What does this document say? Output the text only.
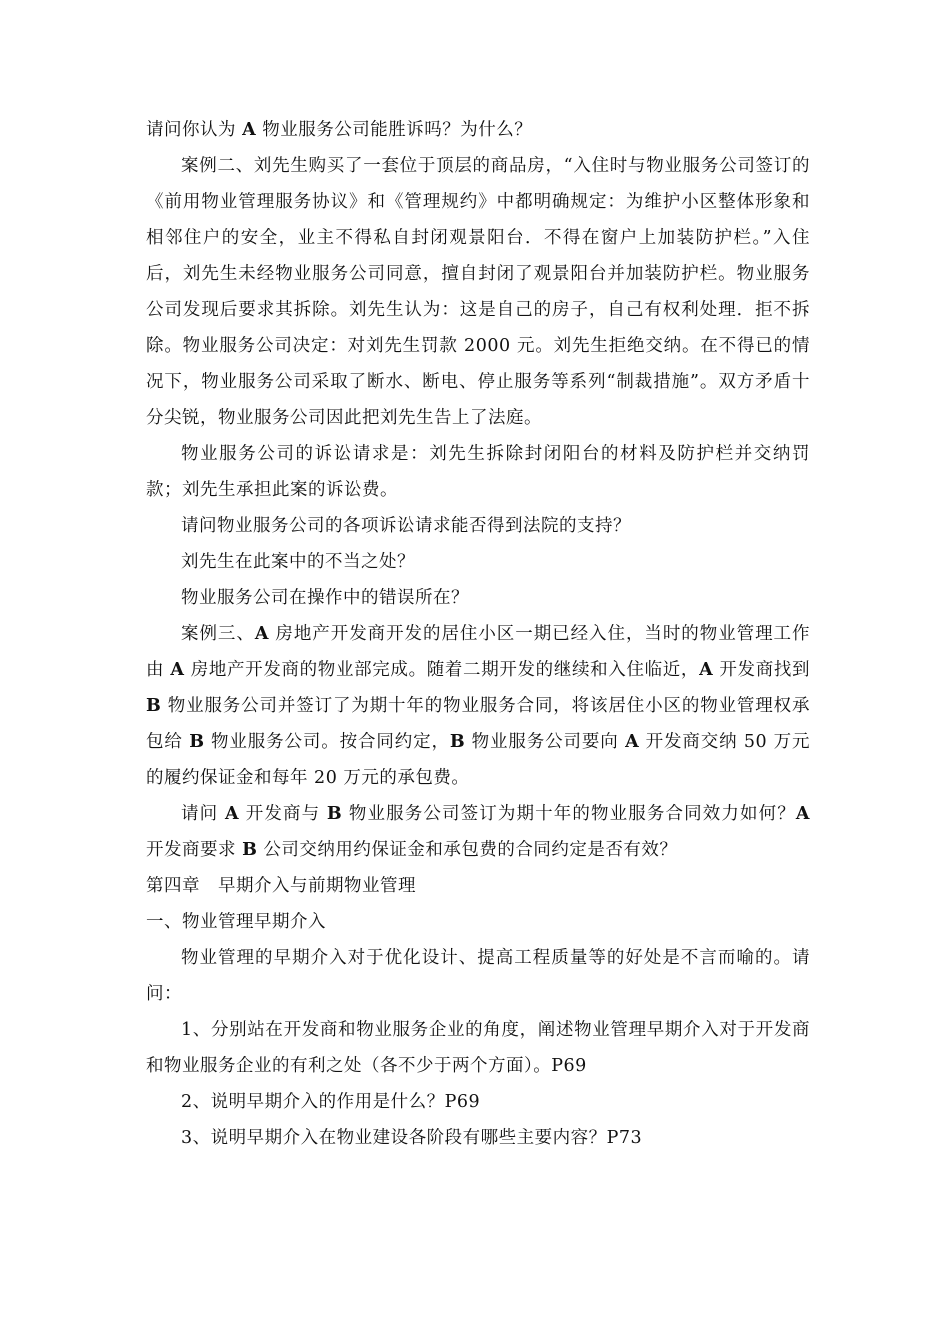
请问你认为 A 物业服务公司能胜诉吗？为什么？

案例二、刘先生购买了一套位于顶层的商品房，“入住时与物业服务公司签订的《前用物业管理服务协议》和《管理规约》中都明确规定：为维护小区整体形象和相邻住户的安全，业主不得私自封闭观景阳台．不得在窗户上加装防护栏。”入住后，刘先生未经物业服务公司同意，擅自封闭了观景阳台并加装防护栏。物业服务公司发现后要求其拆除。刘先生认为：这是自己的房子，自己有权利处理．拒不拆除。物业服务公司决定：对刘先生罚款 2000 元。刘先生拒绝交纳。在不得已的情况下，物业服务公司采取了断水、断电、停止服务等系列“制裁措施”。双方矛盾十分尖锐，物业服务公司因此把刘先生告上了法庭。

物业服务公司的诉讼请求是：刘先生拆除封闭阳台的材料及防护栏并交纳罚款；刘先生承担此案的诉讼费。

请问物业服务公司的各项诉讼请求能否得到法院的支持？

刘先生在此案中的不当之处？

物业服务公司在操作中的错误所在？

案例三、A 房地产开发商开发的居住小区一期已经入住，当时的物业管理工作由 A 房地产开发商的物业部完成。随着二期开发的继续和入住临近，A 开发商找到 B 物业服务公司并签订了为期十年的物业服务合同，将该居住小区的物业管理权承包给 B 物业服务公司。按合同约定，B 物业服务公司要向 A 开发商交纳 50 万元的履约保证金和每年 20 万元的承包费。

请问 A 开发商与 B 物业服务公司签订为期十年的物业服务合同效力如何？A 开发商要求 B 公司交纳用约保证金和承包费的合同约定是否有效？

第四章　早期介入与前期物业管理

一、物业管理早期介入

物业管理的早期介入对于优化设计、提高工程质量等的好处是不言而喻的。请问：

1、分别站在开发商和物业服务企业的角度，阐述物业管理早期介入对于开发商和物业服务企业的有利之处（各不少于两个方面）。P69

2、说明早期介入的作用是什么？P69

3、说明早期介入在物业建设各阶段有哪些主要内容？P73
